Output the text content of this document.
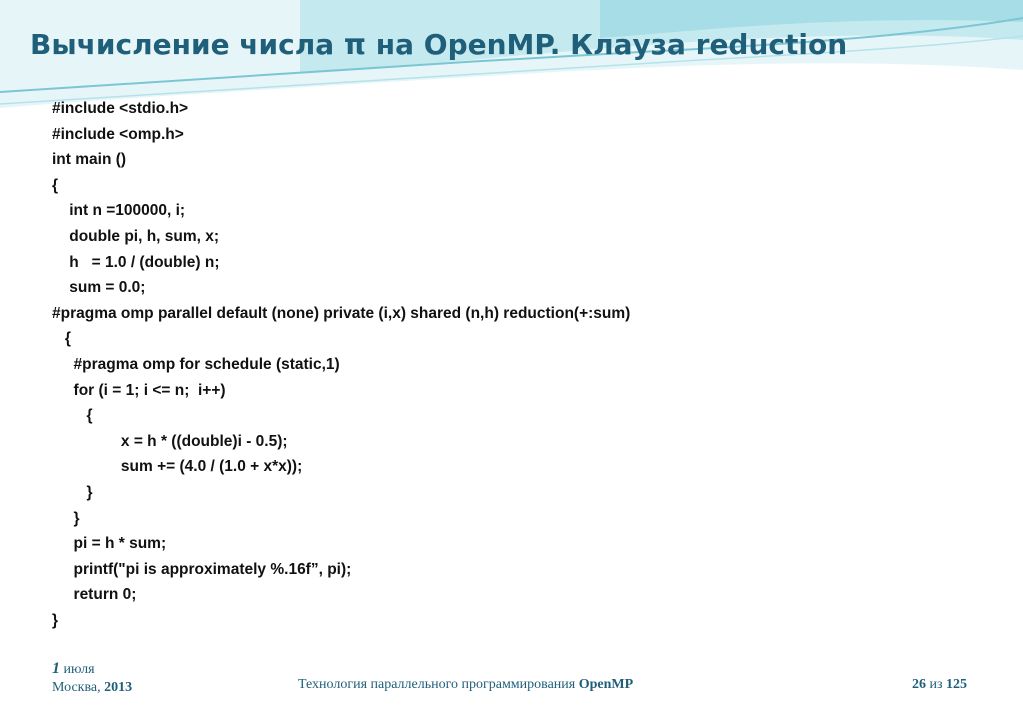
Вычисление числа π на OpenMP. Клауза reduction
#include <stdio.h>
#include <omp.h>
int main ()
{
int n =100000, i;
double pi, h, sum, x;
h   = 1.0 / (double) n;
sum = 0.0;
#pragma omp parallel default (none) private (i,x) shared (n,h) reduction(+:sum)
{
#pragma omp for schedule (static,1)
for (i = 1; i <= n;  i++)
{
x = h * ((double)i - 0.5);
sum += (4.0 / (1.0 + x*x));
}
}
pi = h * sum;
printf("pi is approximately %.16f”, pi);
return 0;
}
1 июля
Москва, 2013	Технология параллельного программирования OpenMP	26 из 125
